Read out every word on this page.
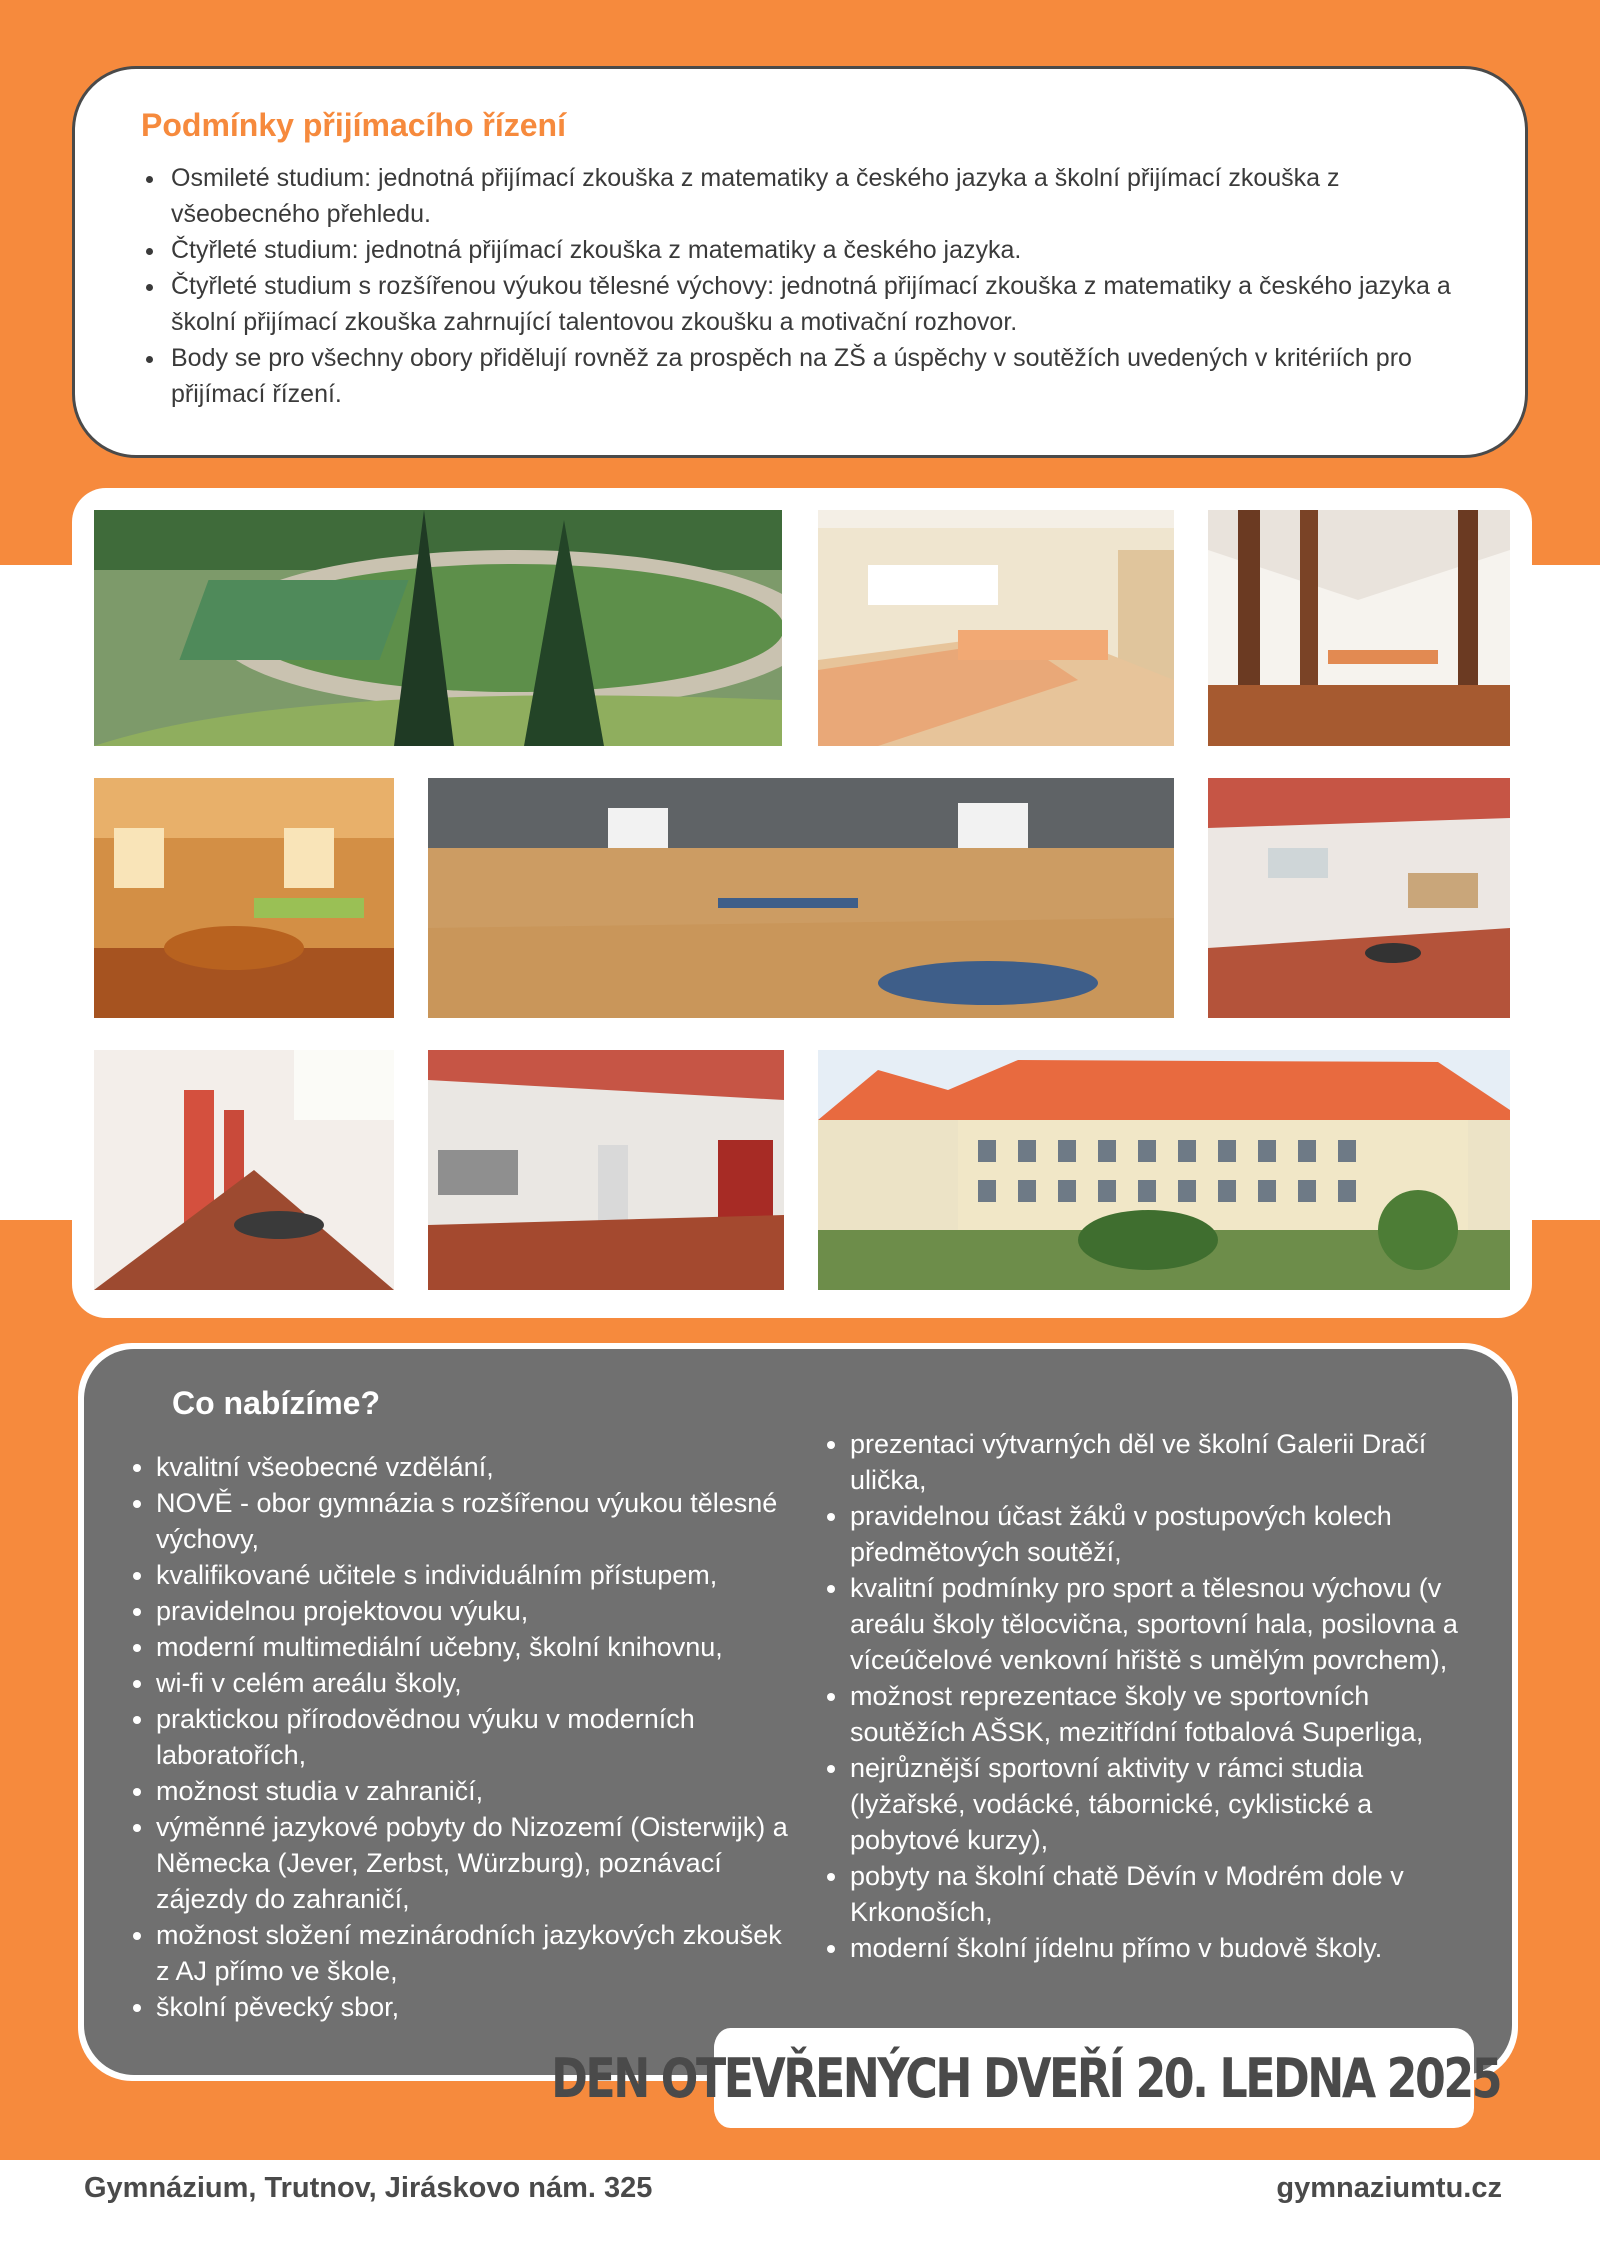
Podmínky přijímacího řízení
• Osmileté studium: jednotná přijímací zkouška z matematiky a českého jazyka a školní přijímací zkouška z všeobecného přehledu.
• Čtyřleté studium: jednotná přijímací zkouška z matematiky a českého jazyka.
• Čtyřleté studium s rozšířenou výukou tělesné výchovy: jednotná přijímací zkouška z matematiky a českého jazyka a školní přijímací zkouška zahrnující talentovou zkoušku a motivační rozhovor.
• Body se pro všechny obory přidělují rovněž za prospěch na ZŠ a úspěchy v soutěžích uvedených v kritériích pro přijímací řízení.
Co nabízíme?
• kvalitní všeobecné vzdělání,
• NOVĚ - obor gymnázia s rozšířenou výukou tělesné výchovy,
• kvalifikované učitele s individuálním přístupem,
• pravidelnou projektovou výuku,
• moderní multimediální učebny, školní knihovnu,
• wi-fi v celém areálu školy,
• praktickou přírodovědnou výuku v moderních laboratořích,
• možnost studia v zahraničí,
• výměnné jazykové pobyty do Nizozemí (Oisterwijk) a Německa (Jever, Zerbst, Würzburg), poznávací zájezdy do zahraničí,
• možnost složení mezinárodních jazykových zkoušek z AJ přímo ve škole,
• školní pěvecký sbor,
• prezentaci výtvarných děl ve školní Galerii Dračí ulička,
• pravidelnou účast žáků v postupových kolech předmětových soutěží,
• kvalitní podmínky pro sport a tělesnou výchovu (v areálu školy tělocvična, sportovní hala, posilovna a víceúčelové venkovní hřiště s umělým povrchem),
• možnost reprezentace školy ve sportovních soutěžích AŠSK, mezitřídní fotbalová Superliga,
• nejrůznější sportovní aktivity v rámci studia (lyžařské, vodácké, tábornické, cyklistické a pobytové kurzy),
• pobyty na školní chatě Děvín v Modrém dole v Krkonoších,
• moderní školní jídelnu přímo v budově školy.
DEN OTEVŘENÝCH DVEŘÍ 20. LEDNA 2025
Gymnázium, Trutnov, Jiráskovo nám. 325	gymnaziumtu.cz
